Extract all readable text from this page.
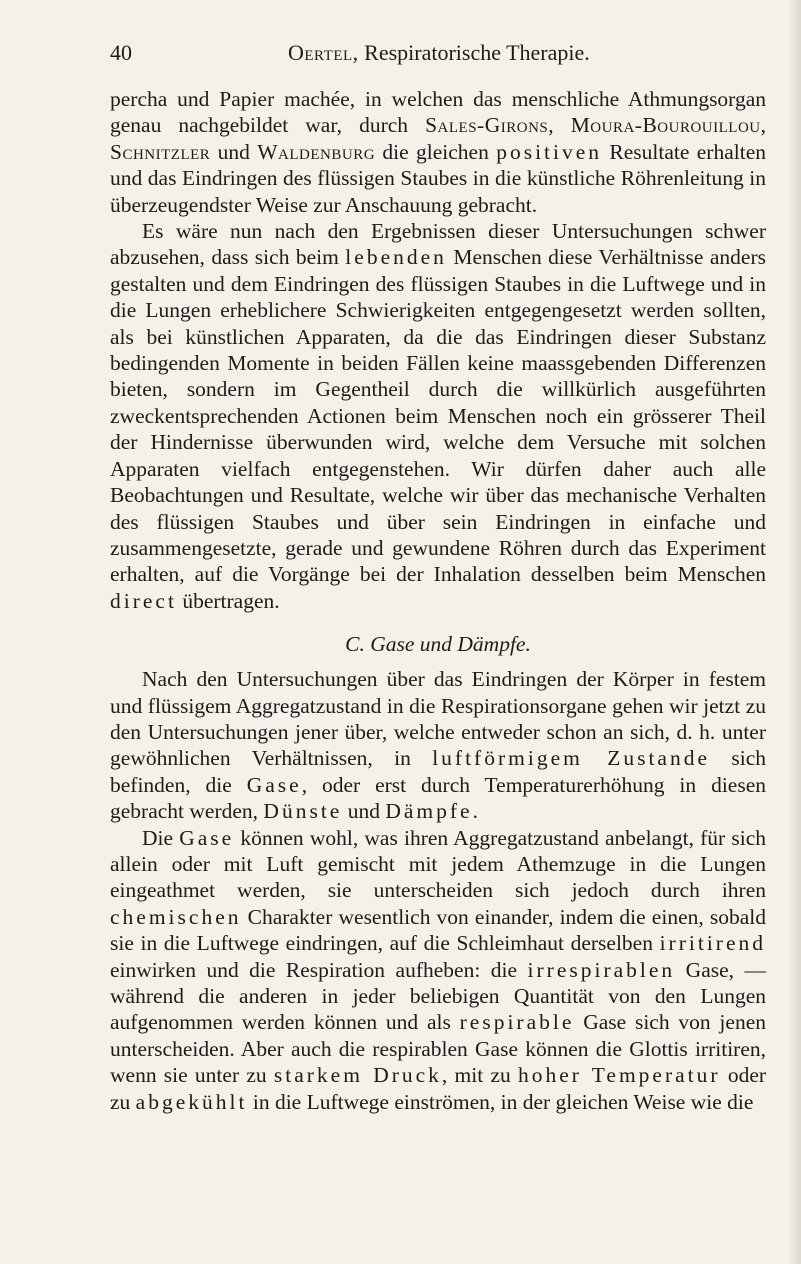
40	Oertel, Respiratorische Therapie.

percha und Papier machée, in welchen das menschliche Athmungsorgan genau nachgebildet war, durch Sales-Girons, Moura-Bourouillou, Schnitzler und Waldenburg die gleichen positiven Resultate erhalten und das Eindringen des flüssigen Staubes in die künstliche Röhrenleitung in überzeugendster Weise zur Anschauung gebracht.

Es wäre nun nach den Ergebnissen dieser Untersuchungen schwer abzusehen, dass sich beim lebenden Menschen diese Verhältnisse anders gestalten und dem Eindringen des flüssigen Staubes in die Luftwege und in die Lungen erheblichere Schwierigkeiten entgegengesetzt werden sollten, als bei künstlichen Apparaten, da die das Eindringen dieser Substanz bedingenden Momente in beiden Fällen keine maassgebenden Differenzen bieten, sondern im Gegentheil durch die willkürlich ausgeführten zweckentsprechenden Actionen beim Menschen noch ein grösserer Theil der Hindernisse überwunden wird, welche dem Versuche mit solchen Apparaten vielfach entgegenstehen. Wir dürfen daher auch alle Beobachtungen und Resultate, welche wir über das mechanische Verhalten des flüssigen Staubes und über sein Eindringen in einfache und zusammengesetzte, gerade und gewundene Röhren durch das Experiment erhalten, auf die Vorgänge bei der Inhalation desselben beim Menschen direct übertragen.

C. Gase und Dämpfe.

Nach den Untersuchungen über das Eindringen der Körper in festem und flüssigem Aggregatzustand in die Respirationsorgane gehen wir jetzt zu den Untersuchungen jener über, welche entweder schon an sich, d. h. unter gewöhnlichen Verhältnissen, in luftförmigem Zustande sich befinden, die Gase, oder erst durch Temperaturerhöhung in diesen gebracht werden, Dünste und Dämpfe.

Die Gase können wohl, was ihren Aggregatzustand anbelangt, für sich allein oder mit Luft gemischt mit jedem Athemzuge in die Lungen eingeathmet werden, sie unterscheiden sich jedoch durch ihren chemischen Charakter wesentlich von einander, indem die einen, sobald sie in die Luftwege eindringen, auf die Schleimhaut derselben irritirend einwirken und die Respiration aufheben: die irrespirablen Gase, — während die anderen in jeder beliebigen Quantität von den Lungen aufgenommen werden können und als respirable Gase sich von jenen unterscheiden. Aber auch die respirablen Gase können die Glottis irritiren, wenn sie unter zu starkem Druck, mit zu hoher Temperatur oder zu abgekühlt in die Luftwege einströmen, in der gleichen Weise wie die
